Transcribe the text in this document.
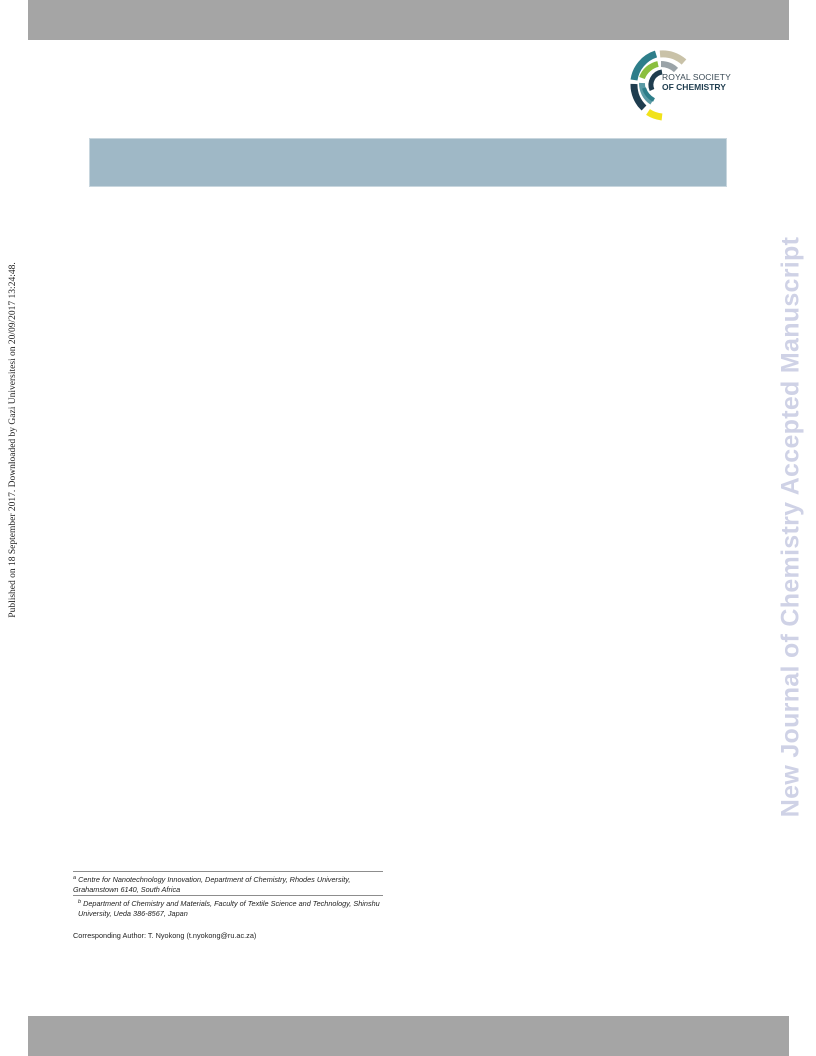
ROYAL SOCIETY
OF CHEMISTRY
Published on 18 September 2017. Downloaded by Gazi Universitesi on 20/09/2017 13:24:48.	New Journal of Chemistry Accepted Manuscript
$^a$ Centre for Nanotechnology Innovation, Department of Chemistry, Rhodes University, Grahamstown 6140, South Africa
$^b$ Department of Chemistry and Materials, Faculty of Textile Science and Technology, Shinshu University, Ueda 386-8567, Japan
Corresponding Author: T. Nyokong (t.nyokong@ru.ac.za)
